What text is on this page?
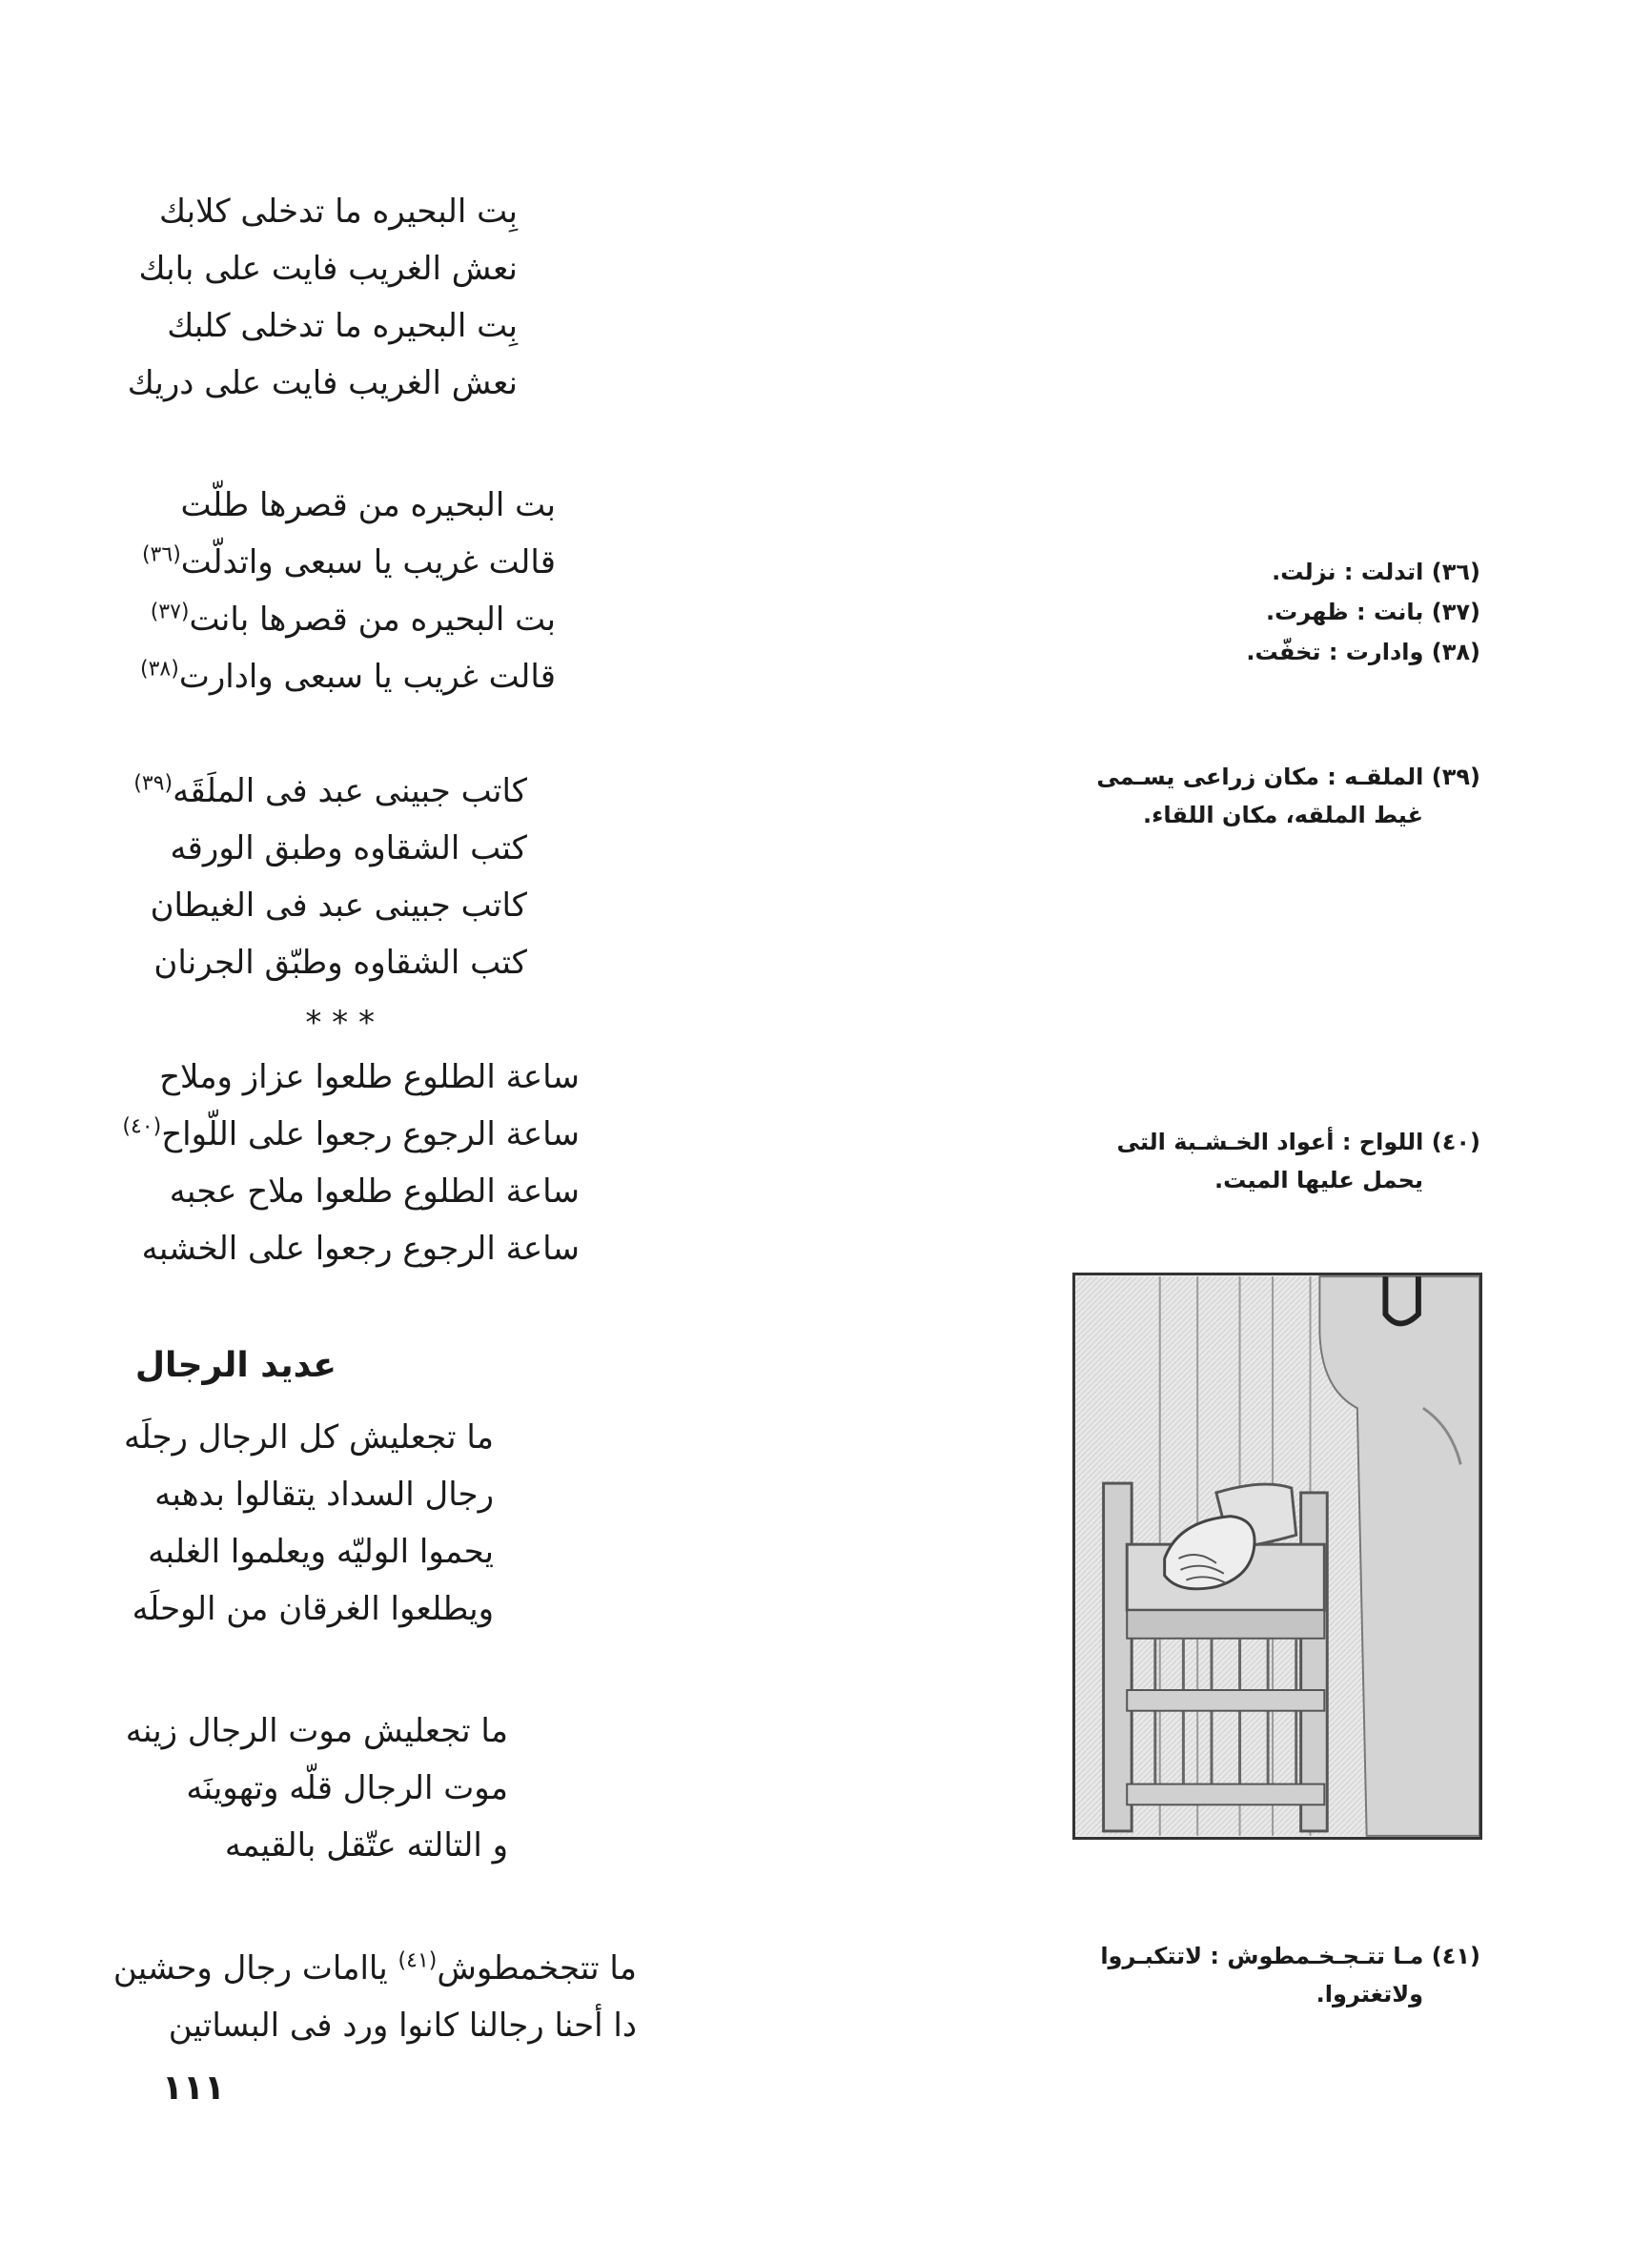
بِت البحيره ما تدخلى كلابك
نعش الغريب فايت على بابك
بِت البحيره ما تدخلى كلبك
نعش الغريب فايت على دريك
بت البحيره من قصرها طلّت
قالت غريب يا سبعى واتدلّت$^{(٣٦)}$
بت البحيره من قصرها بانت$^{(٣٧)}$
قالت غريب يا سبعى وادارت$^{(٣٨)}$
كاتب جبينى عبد فى الملَقَه$^{(٣٩)}$
كتب الشقاوه وطبق الورقه
كاتب جبينى عبد فى الغيطان
كتب الشقاوه وطبّق الجرنان
* * *
ساعة الطلوع طلعوا عزاز وملاح
ساعة الرجوع رجعوا على اللّواح$^{(٤٠)}$
ساعة الطلوع طلعوا ملاح عجبه
ساعة الرجوع رجعوا على الخشبه
عديد الرجال
ما تجعليش كل الرجال رجلَه
رجال السداد يتقالوا بدهبه
يحموا الوليّه ويعلموا الغلبه
ويطلعوا الغرقان من الوحلَه
ما تجعليش موت الرجال زينه
موت الرجال قلّه وتهوينَه
و التالته عتّقل بالقيمه
ما تتجخمطوش$^{(٤١)}$ ياامات رجال وحشين
دا أحنا رجالنا كانوا ورد فى البساتين
(٣٦) اتدلت : نزلت.
(٣٧) بانت : ظهرت.
(٣٨) وادارت : تخفّت.
(٣٩) الملقـه : مكان زراعى يسـمى
غيط الملقه، مكان اللقاء.
(٤٠) اللواح : أعواد الخـشـبة التى
يحمل عليها الميت.
(٤١) مـا تتـجـخـمطوش : لاتتكبـروا
ولاتغتروا.
١١١
